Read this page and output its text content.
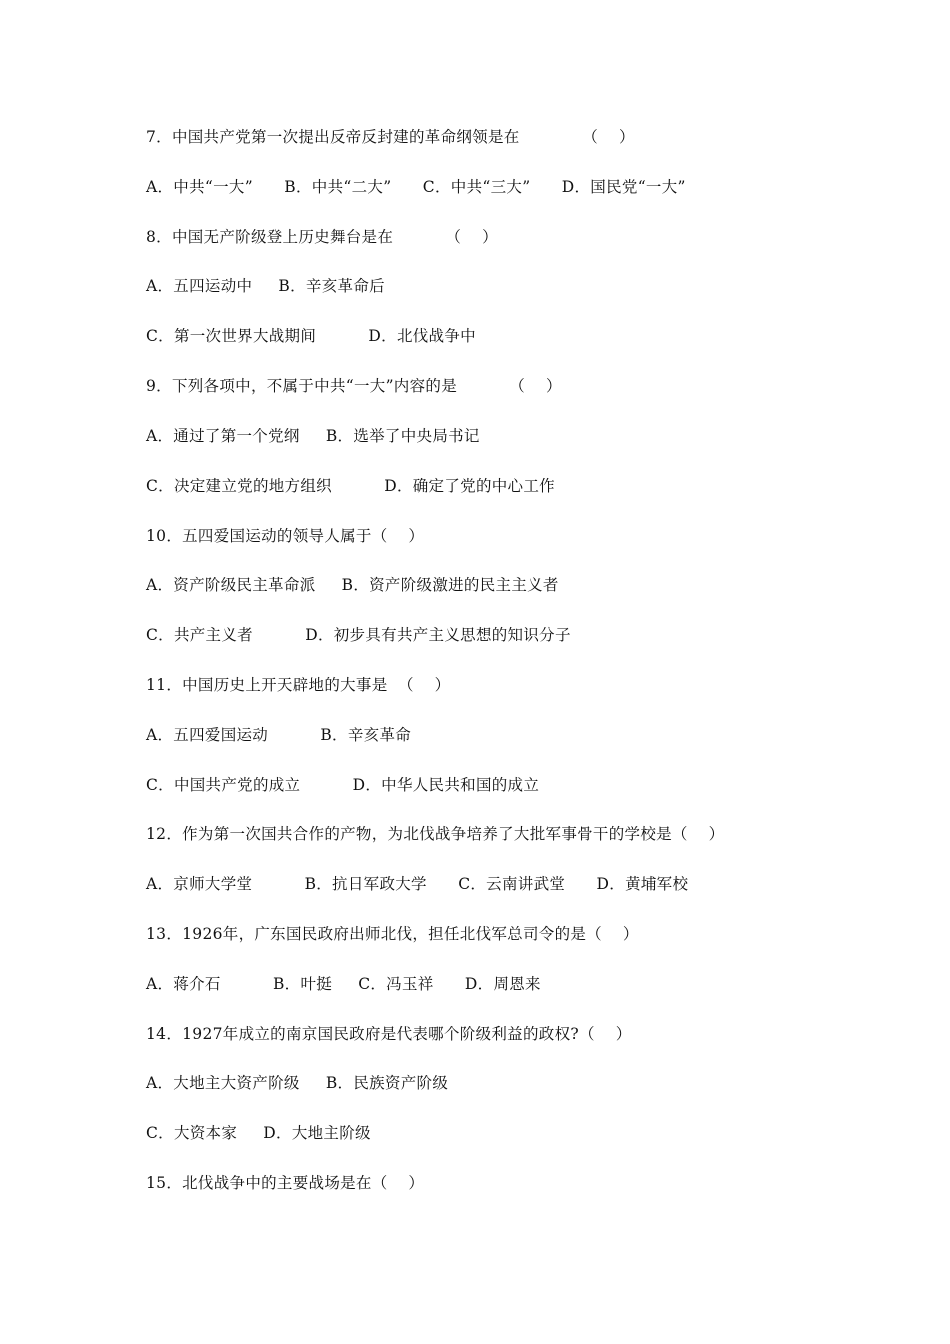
7．中国共产党第一次提出反帝反封建的革命纲领是在            （    ）
A．中共“一大”      B．中共“二大”      C．中共“三大”      D．国民党“一大”
8．中国无产阶级登上历史舞台是在          （    ）
A．五四运动中     B．辛亥革命后
C．第一次世界大战期间          D．北伐战争中
9．下列各项中，不属于中共“一大”内容的是          （    ）
A．通过了第一个党纲     B．选举了中央局书记
C．决定建立党的地方组织          D．确定了党的中心工作
10．五四爱国运动的领导人属于（    ）
A．资产阶级民主革命派     B．资产阶级激进的民主主义者
C．共产主义者          D．初步具有共产主义思想的知识分子
11．中国历史上开天辟地的大事是  （    ）
A．五四爱国运动          B．辛亥革命
C．中国共产党的成立          D．中华人民共和国的成立
12．作为第一次国共合作的产物，为北伐战争培养了大批军事骨干的学校是（    ）
A．京师大学堂          B．抗日军政大学      C．云南讲武堂      D．黄埔军校
13．1926年，广东国民政府出师北伐，担任北伐军总司令的是（    ）
A．蒋介石          B．叶挺     C．冯玉祥      D．周恩来
14．1927年成立的南京国民政府是代表哪个阶级利益的政权?（    ）
A．大地主大资产阶级     B．民族资产阶级
C．大资本家     D．大地主阶级
15．北伐战争中的主要战场是在（    ）
